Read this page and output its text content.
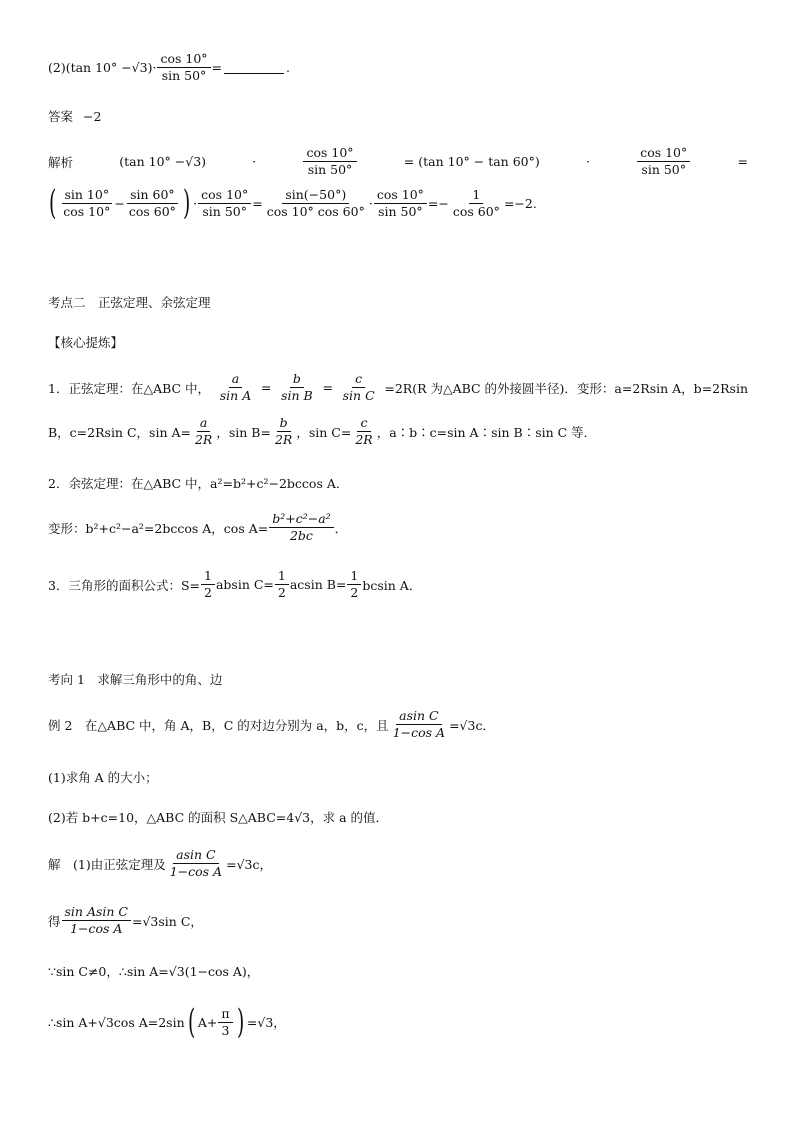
(2)(tan $10^\circ -√3)\cdot \frac{\cos 10^\circ}{\sin 50^\circ}$ =	.
答案 −2
解析	(tan 10° −√3)	·	$\frac{\cos 10^\circ}{\sin 50^\circ}$	= (tan 10° − tan 60°)	·	$\frac{\cos 10^\circ}{\sin 50^\circ}$	=
( $\frac{\sin 10^\circ}{\cos 10^\circ} - \frac{\sin 60^\circ}{\cos 60^\circ}$ ) · $\frac{\cos 10^\circ}{\sin 50^\circ} = \frac{\sin(-50^\circ)}{\cos 10^\circ \cos 60^\circ} \cdot \frac{\cos 10^\circ}{\sin 50^\circ} =- \frac{1}{\cos 60^\circ} =-2$.
考点二　正弦定理、余弦定理
【核心提炼】
1．正弦定理：在△ABC 中， $\frac{a}{\text{sin A}} = \frac{b}{\text{sin B}} = \frac{c}{\text{sin C}} =2R(R$ 为△ABC 的外接圆半径)．变形：a=2Rsin A，b=2Rsin
B，c=2Rsin C，$\sin A= \frac{a}{2R}$ ，$\sin B= \frac{b}{2R}$ ，$\sin C= \frac{c}{2R}$ ，a∶b∶c=sin A∶sin B∶sin C 等．
2．余弦定理：在△ABC 中，a²=b²+c²−2bccos A．
变形：b²+c²−a²=2bccos A，$\cos A= \frac{\text{b²+c²−a²}}{2bc}$ ．
3．三角形的面积公式：$S= \frac{1}{2}$ absin $C= \frac{1}{2}$ acsin $B= \frac{1}{2}$ bcsin A．
考向 1　求解三角形中的角、边
例 2　在△ABC 中，角 A，B，C 的对边分别为 a，b，c，且 $\frac{\text{asin C}}{\text{1−cos A}} =√3c$．
(1)求角 A 的大小；
(2)若 b+c=10，△ABC 的面积 S△ABC=4√3，求 a 的值．
解　(1)由正弦定理及 $\frac{\text{asin C}}{\text{1−cos A}} =√3c$，
得 $\frac{\text{sin Asin C}}{\text{1−cos A}} =√3\sin$ C，
∵sin C≠0，∴sin A=√3(1−cos A)，
∴sin A+√3cos A=2sin ( $A+ \frac{\pi}{3}$ ) =√3，
